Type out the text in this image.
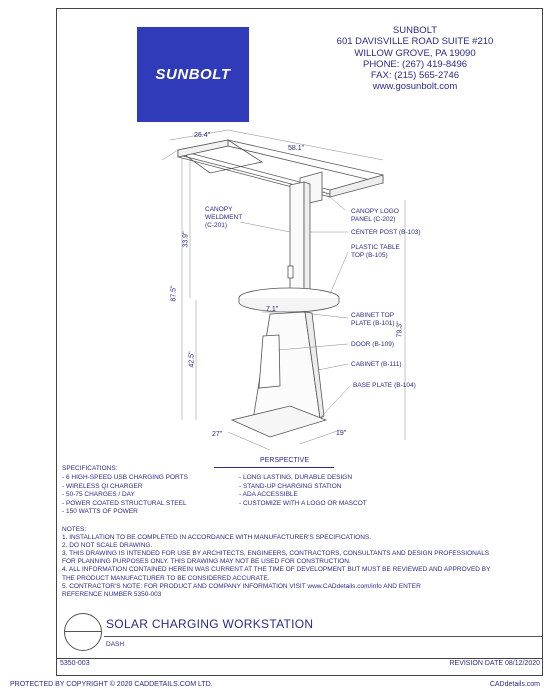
SUNBOLT
SUNBOLT
601 DAVISVILLE ROAD SUITE #210
WILLOW GROVE, PA 19090
PHONE: (267) 419-8496
FAX: (215) 565-2746
www.gosunbolt.com
26.4"
58.1"
33.9"
87.5"
42.5"
79.3"
7.1"
27"	19"
CANOPY
WELDMENT
(C-201)
CANOPY LOGO
PANEL (C-202)
CENTER POST (B-103)
PLASTIC TABLE
TOP (B-105)
CABINET TOP
PLATE (B-101)
DOOR (B-109)
CABINET (B-111)
BASE PLATE (B-104)
PERSPECTIVE
SPECIFICATIONS:
- 6 HIGH-SPEED USB CHARGING PORTS
- WIRELESS QI CHARGER
- 50-75 CHARGES / DAY
- POWER COATED STRUCTURAL STEEL
- 150 WATTS OF POWER
- LONG LASTING, DURABLE DESIGN
- STAND-UP CHARGING STATION
- ADA ACCESSIBLE
- CUSTOMIZE WITH A LOGO OR MASCOT
NOTES:
1. INSTALLATION TO BE COMPLETED IN ACCORDANCE WITH MANUFACTURER'S SPECIFICATIONS.
2. DO NOT SCALE DRAWING.
3. THIS DRAWING IS INTENDED FOR USE BY ARCHITECTS, ENGINEERS, CONTRACTORS, CONSULTANTS AND DESIGN PROFESSIONALS
FOR PLANNING PURPOSES ONLY. THIS DRAWING MAY NOT BE USED FOR CONSTRUCTION.
4. ALL INFORMATION CONTAINED HEREIN WAS CURRENT AT THE TIME OF DEVELOPMENT BUT MUST BE REVIEWED AND APPROVED BY
THE PRODUCT MANUFACTURER TO BE CONSIDERED ACCURATE.
5. CONTRACTOR'S NOTE: FOR PRODUCT AND COMPANY INFORMATION VISIT www.CADdetails.com/info AND ENTER
REFERENCE NUMBER 5350-003
SOLAR CHARGING WORKSTATION
DASH
5350-003	REVISION DATE 08/12/2020
PROTECTED BY COPYRIGHT © 2020 CADDETAILS.COM LTD.	CADdetails.com
